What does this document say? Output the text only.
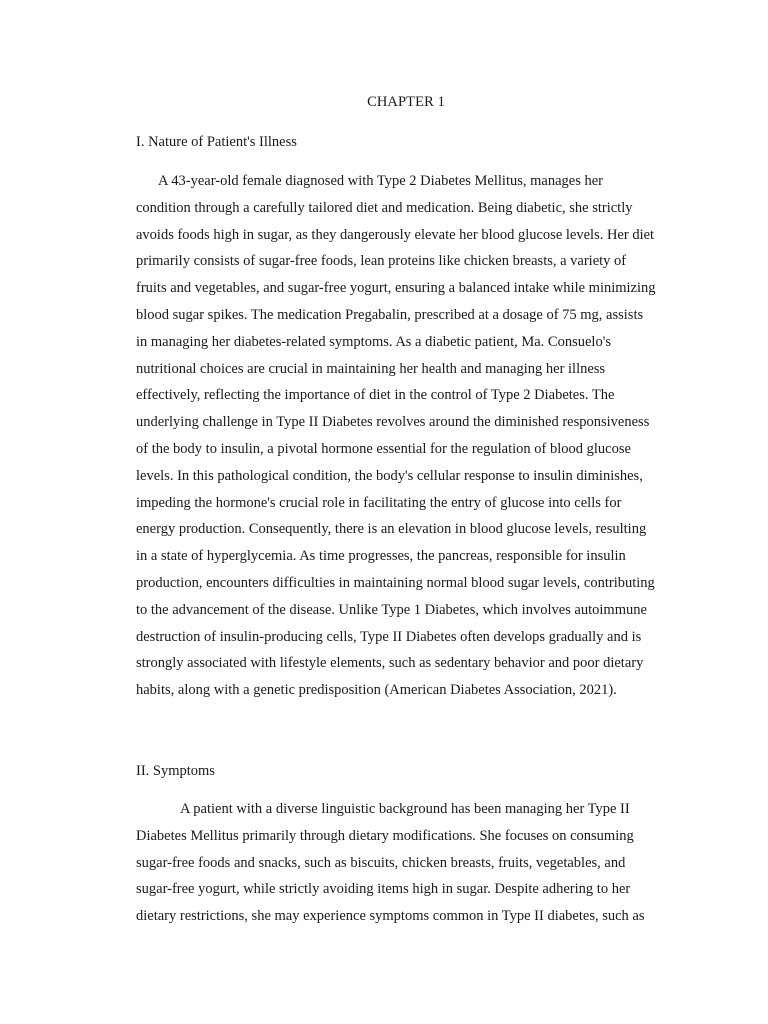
CHAPTER 1
I. Nature of Patient's Illness

A 43-year-old female diagnosed with Type 2 Diabetes Mellitus, manages her
condition through a carefully tailored diet and medication. Being diabetic, she strictly
avoids foods high in sugar, as they dangerously elevate her blood glucose levels. Her diet
primarily consists of sugar-free foods, lean proteins like chicken breasts, a variety of
fruits and vegetables, and sugar-free yogurt, ensuring a balanced intake while minimizing
blood sugar spikes. The medication Pregabalin, prescribed at a dosage of 75 mg, assists
in managing her diabetes-related symptoms. As a diabetic patient, Ma. Consuelo's
nutritional choices are crucial in maintaining her health and managing her illness
effectively, reflecting the importance of diet in the control of Type 2 Diabetes. The
underlying challenge in Type II Diabetes revolves around the diminished responsiveness
of the body to insulin, a pivotal hormone essential for the regulation of blood glucose
levels. In this pathological condition, the body's cellular response to insulin diminishes,
impeding the hormone's crucial role in facilitating the entry of glucose into cells for
energy production. Consequently, there is an elevation in blood glucose levels, resulting
in a state of hyperglycemia. As time progresses, the pancreas, responsible for insulin
production, encounters difficulties in maintaining normal blood sugar levels, contributing
to the advancement of the disease. Unlike Type 1 Diabetes, which involves autoimmune
destruction of insulin-producing cells, Type II Diabetes often develops gradually and is
strongly associated with lifestyle elements, such as sedentary behavior and poor dietary
habits, along with a genetic predisposition (American Diabetes Association, 2021).

II. Symptoms

A patient with a diverse linguistic background has been managing her Type II
Diabetes Mellitus primarily through dietary modifications. She focuses on consuming
sugar-free foods and snacks, such as biscuits, chicken breasts, fruits, vegetables, and
sugar-free yogurt, while strictly avoiding items high in sugar. Despite adhering to her
dietary restrictions, she may experience symptoms common in Type II diabetes, such as
